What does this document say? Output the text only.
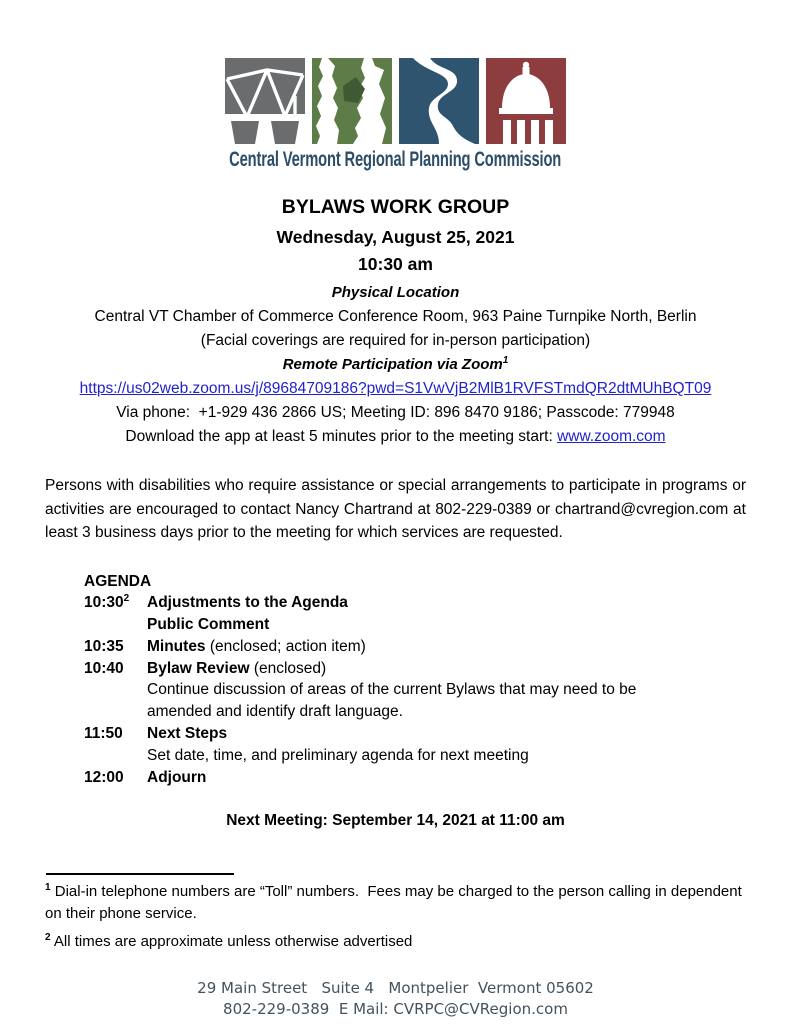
Central Vermont Regional Planning Commission
BYLAWS WORK GROUP
Wednesday, August 25, 2021
10:30 am
Physical Location
Central VT Chamber of Commerce Conference Room, 963 Paine Turnpike North, Berlin
(Facial coverings are required for in-person participation)
Remote Participation via Zoom$^1$
https://us02web.zoom.us/j/89684709186?pwd=S1VwVjB2MlB1RVFSTmdQR2dtMUhBQT09
Via phone:  +1-929 436 2866 US; Meeting ID: 896 8470 9186; Passcode: 779948
Download the app at least 5 minutes prior to the meeting start: www.zoom.com

Persons with disabilities who require assistance or special arrangements to participate in programs or activities are encouraged to contact Nancy Chartrand at 802-229-0389 or chartrand@cvregion.com at least 3 business days prior to the meeting for which services are requested.

AGENDA
$10:30^2$	Adjustments to the Agenda
Public Comment
10:35	Minutes (enclosed; action item)
10:40	Bylaw Review (enclosed)
Continue discussion of areas of the current Bylaws that may need to be amended and identify draft language.
11:50	Next Steps
Set date, time, and preliminary agenda for next meeting
12:00	Adjourn
Next Meeting: September 14, 2021 at 11:00 am
$^1$ Dial-in telephone numbers are “Toll” numbers.  Fees may be charged to the person calling in dependent on their phone service.
$^2$ All times are approximate unless otherwise advertised
29 Main Street   Suite 4   Montpelier  Vermont 05602
802-229-0389  E Mail: CVRPC@CVRegion.com
